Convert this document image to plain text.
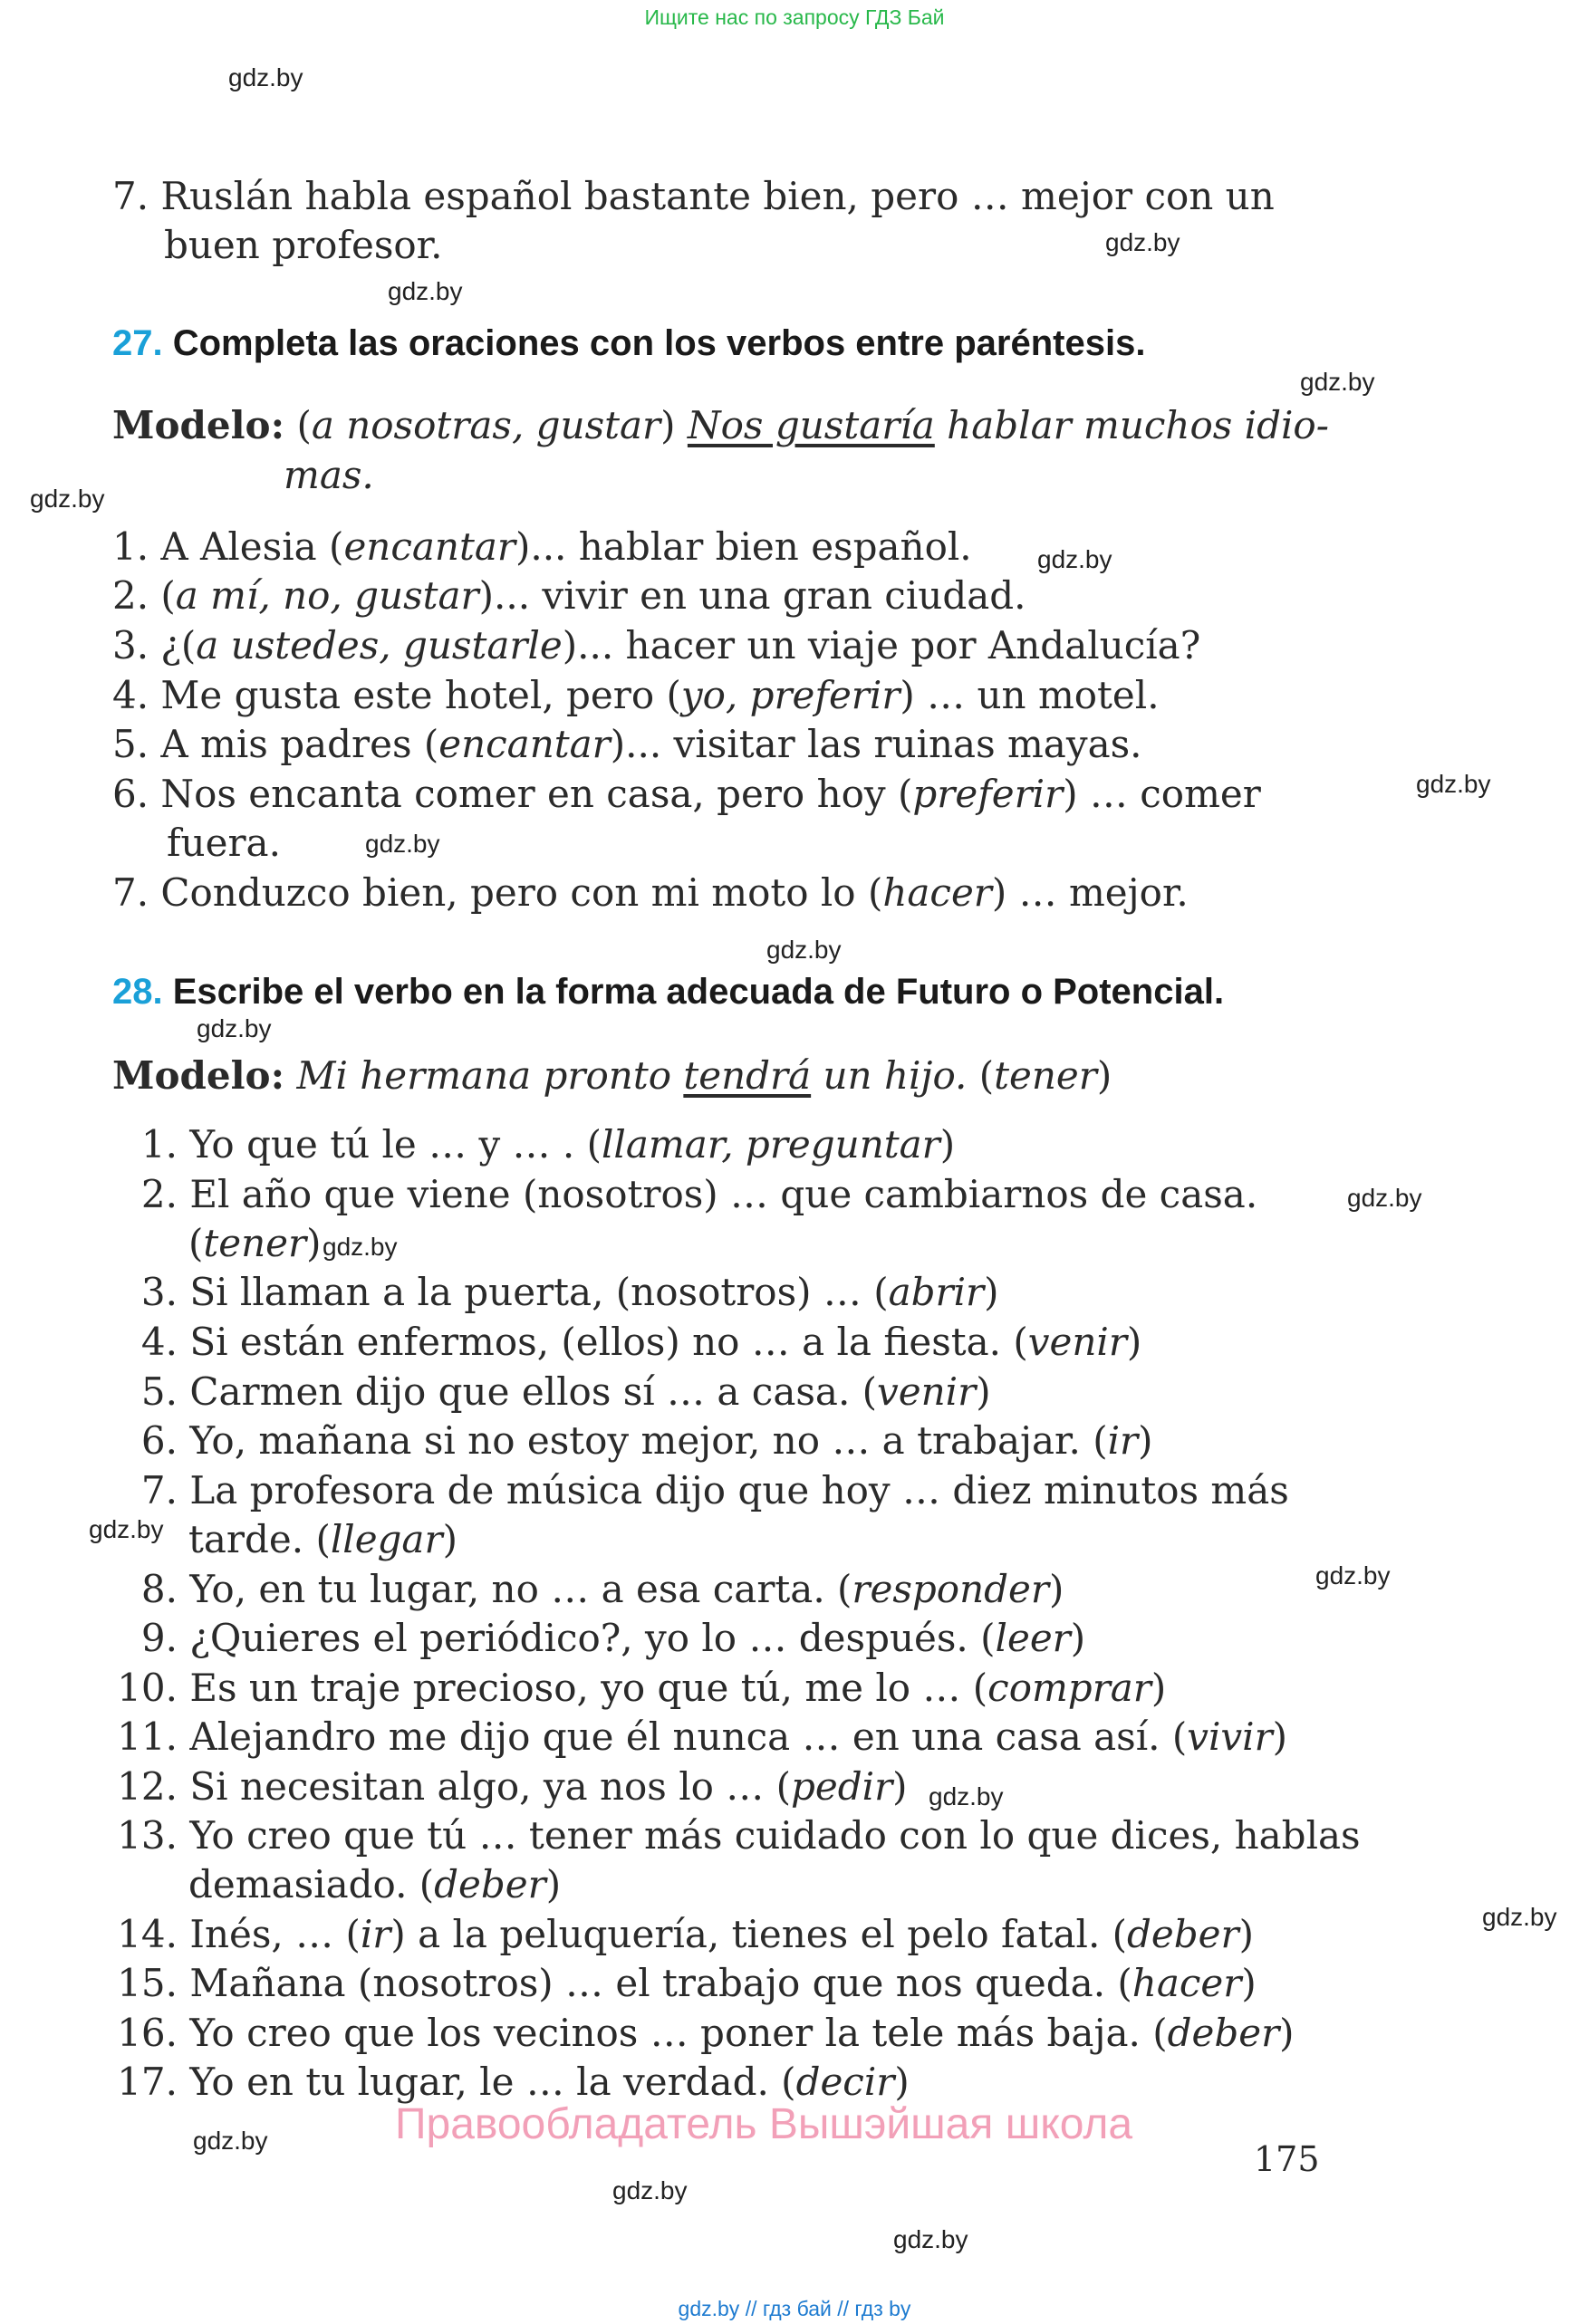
Ищите нас по запросу ГДЗ Бай
gdz.by
gdz.by
gdz.by
gdz.by
gdz.by
gdz.by
gdz.by
gdz.by
gdz.by
gdz.by
gdz.by
gdz.by
gdz.by
gdz.by
gdz.by
gdz.by
gdz.by
gdz.by
gdz.by
7. Ruslán habla español bastante bien, pero … mejor con un
buen profesor.
27. Completa las oraciones con los verbos entre paréntesis.
Modelo: (a nosotras, gustar) Nos gustaría hablar muchos idio-
mas.
1. A Alesia (encantar)... hablar bien español.
2. (a mí, no, gustar)... vivir en una gran ciudad.
3. ¿(a ustedes, gustarle)... hacer un viaje por Andalucía?
4. Me gusta este hotel, pero (yo, preferir) … un motel.
5. A mis padres (encantar)... visitar las ruinas mayas.
6. Nos encanta comer en casa, pero hoy (preferir) … comer
fuera.
7. Conduzco bien, pero con mi moto lo (hacer) … mejor.
28. Escribe el verbo en la forma adecuada de Futuro o Potencial.
Modelo: Mi hermana pronto tendrá un hijo. (tener)
1. Yo que tú le … y … . (llamar, preguntar)
2. El año que viene (nosotros) … que cambiarnos de casa.
(tener)
3. Si llaman a la puerta, (nosotros) … (abrir)
4. Si están enfermos, (ellos) no … a la fiesta. (venir)
5. Carmen dijo que ellos sí … a casa. (venir)
6. Yo, mañana si no estoy mejor, no … a trabajar. (ir)
7. La profesora de música dijo que hoy … diez minutos más
tarde. (llegar)
8. Yo, en tu lugar, no … a esa carta. (responder)
9. ¿Quieres el periódico?, yo lo … después. (leer)
10. Es un traje precioso, yo que tú, me lo … (comprar)
11. Alejandro me dijo que él nunca … en una casa así. (vivir)
12. Si necesitan algo, ya nos lo … (pedir)
13. Yo creo que tú … tener más cuidado con lo que dices, hablas
demasiado. (deber)
14. Inés, … (ir) a la peluquería, tienes el pelo fatal. (deber)
15. Mañana (nosotros) … el trabajo que nos queda. (hacer)
16. Yo creo que los vecinos … poner la tele más baja. (deber)
17. Yo en tu lugar, le … la verdad. (decir)
Правообладатель Вышэйшая школа
175
gdz.by // гдз бай // гдз by
